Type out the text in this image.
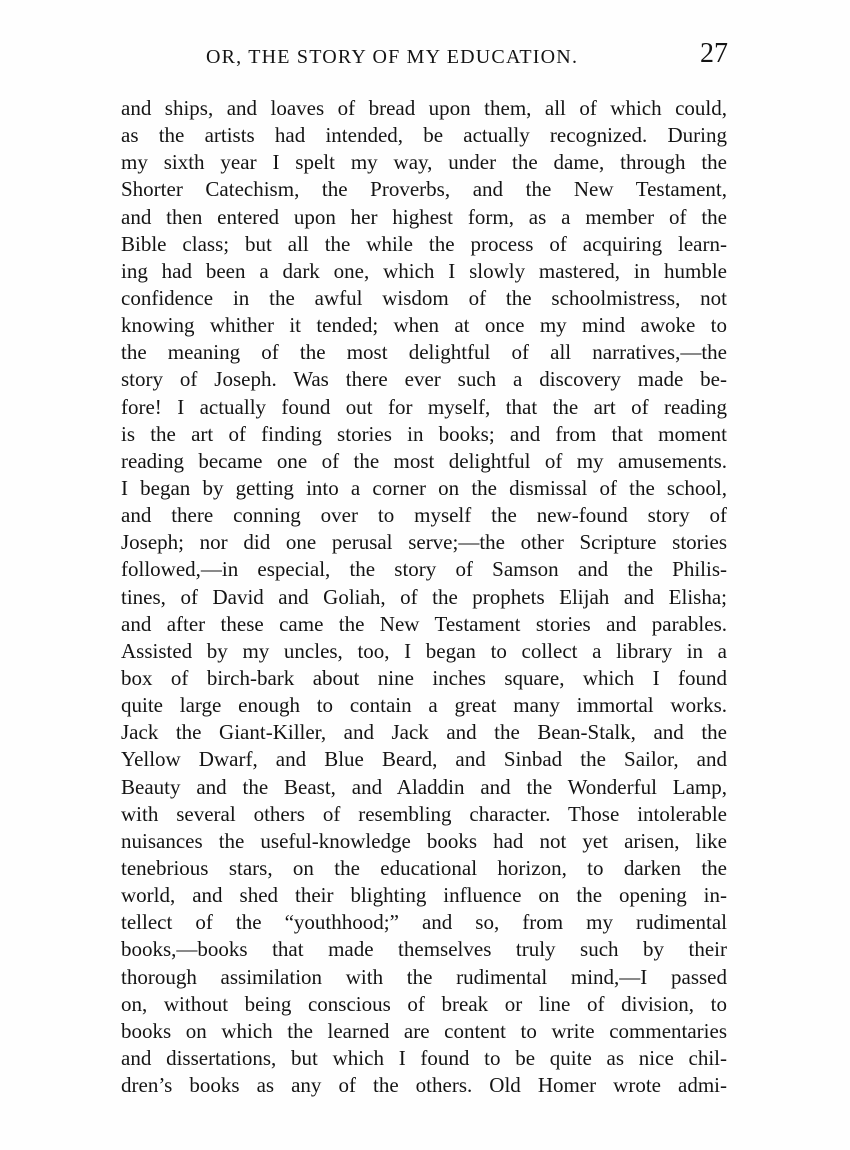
OR, THE STORY OF MY EDUCATION.	27
and ships, and loaves of bread upon them, all of which could,
as the artists had intended, be actually recognized. During
my sixth year I spelt my way, under the dame, through the
Shorter Catechism, the Proverbs, and the New Testament,
and then entered upon her highest form, as a member of the
Bible class; but all the while the process of acquiring learn-
ing had been a dark one, which I slowly mastered, in humble
confidence in the awful wisdom of the schoolmistress, not
knowing whither it tended; when at once my mind awoke to
the meaning of the most delightful of all narratives,—the
story of Joseph. Was there ever such a discovery made be-
fore! I actually found out for myself, that the art of reading
is the art of finding stories in books; and from that moment
reading became one of the most delightful of my amusements.
I began by getting into a corner on the dismissal of the school,
and there conning over to myself the new-found story of
Joseph; nor did one perusal serve;—the other Scripture stories
followed,—in especial, the story of Samson and the Philis-
tines, of David and Goliah, of the prophets Elijah and Elisha;
and after these came the New Testament stories and parables.
Assisted by my uncles, too, I began to collect a library in a
box of birch-bark about nine inches square, which I found
quite large enough to contain a great many immortal works.
Jack the Giant-Killer, and Jack and the Bean-Stalk, and the
Yellow Dwarf, and Blue Beard, and Sinbad the Sailor, and
Beauty and the Beast, and Aladdin and the Wonderful Lamp,
with several others of resembling character. Those intolerable
nuisances the useful-knowledge books had not yet arisen, like
tenebrious stars, on the educational horizon, to darken the
world, and shed their blighting influence on the opening in-
tellect of the “youthhood;” and so, from my rudimental
books,—books that made themselves truly such by their
thorough assimilation with the rudimental mind,—I passed
on, without being conscious of break or line of division, to
books on which the learned are content to write commentaries
and dissertations, but which I found to be quite as nice chil-
dren’s books as any of the others. Old Homer wrote admi-
